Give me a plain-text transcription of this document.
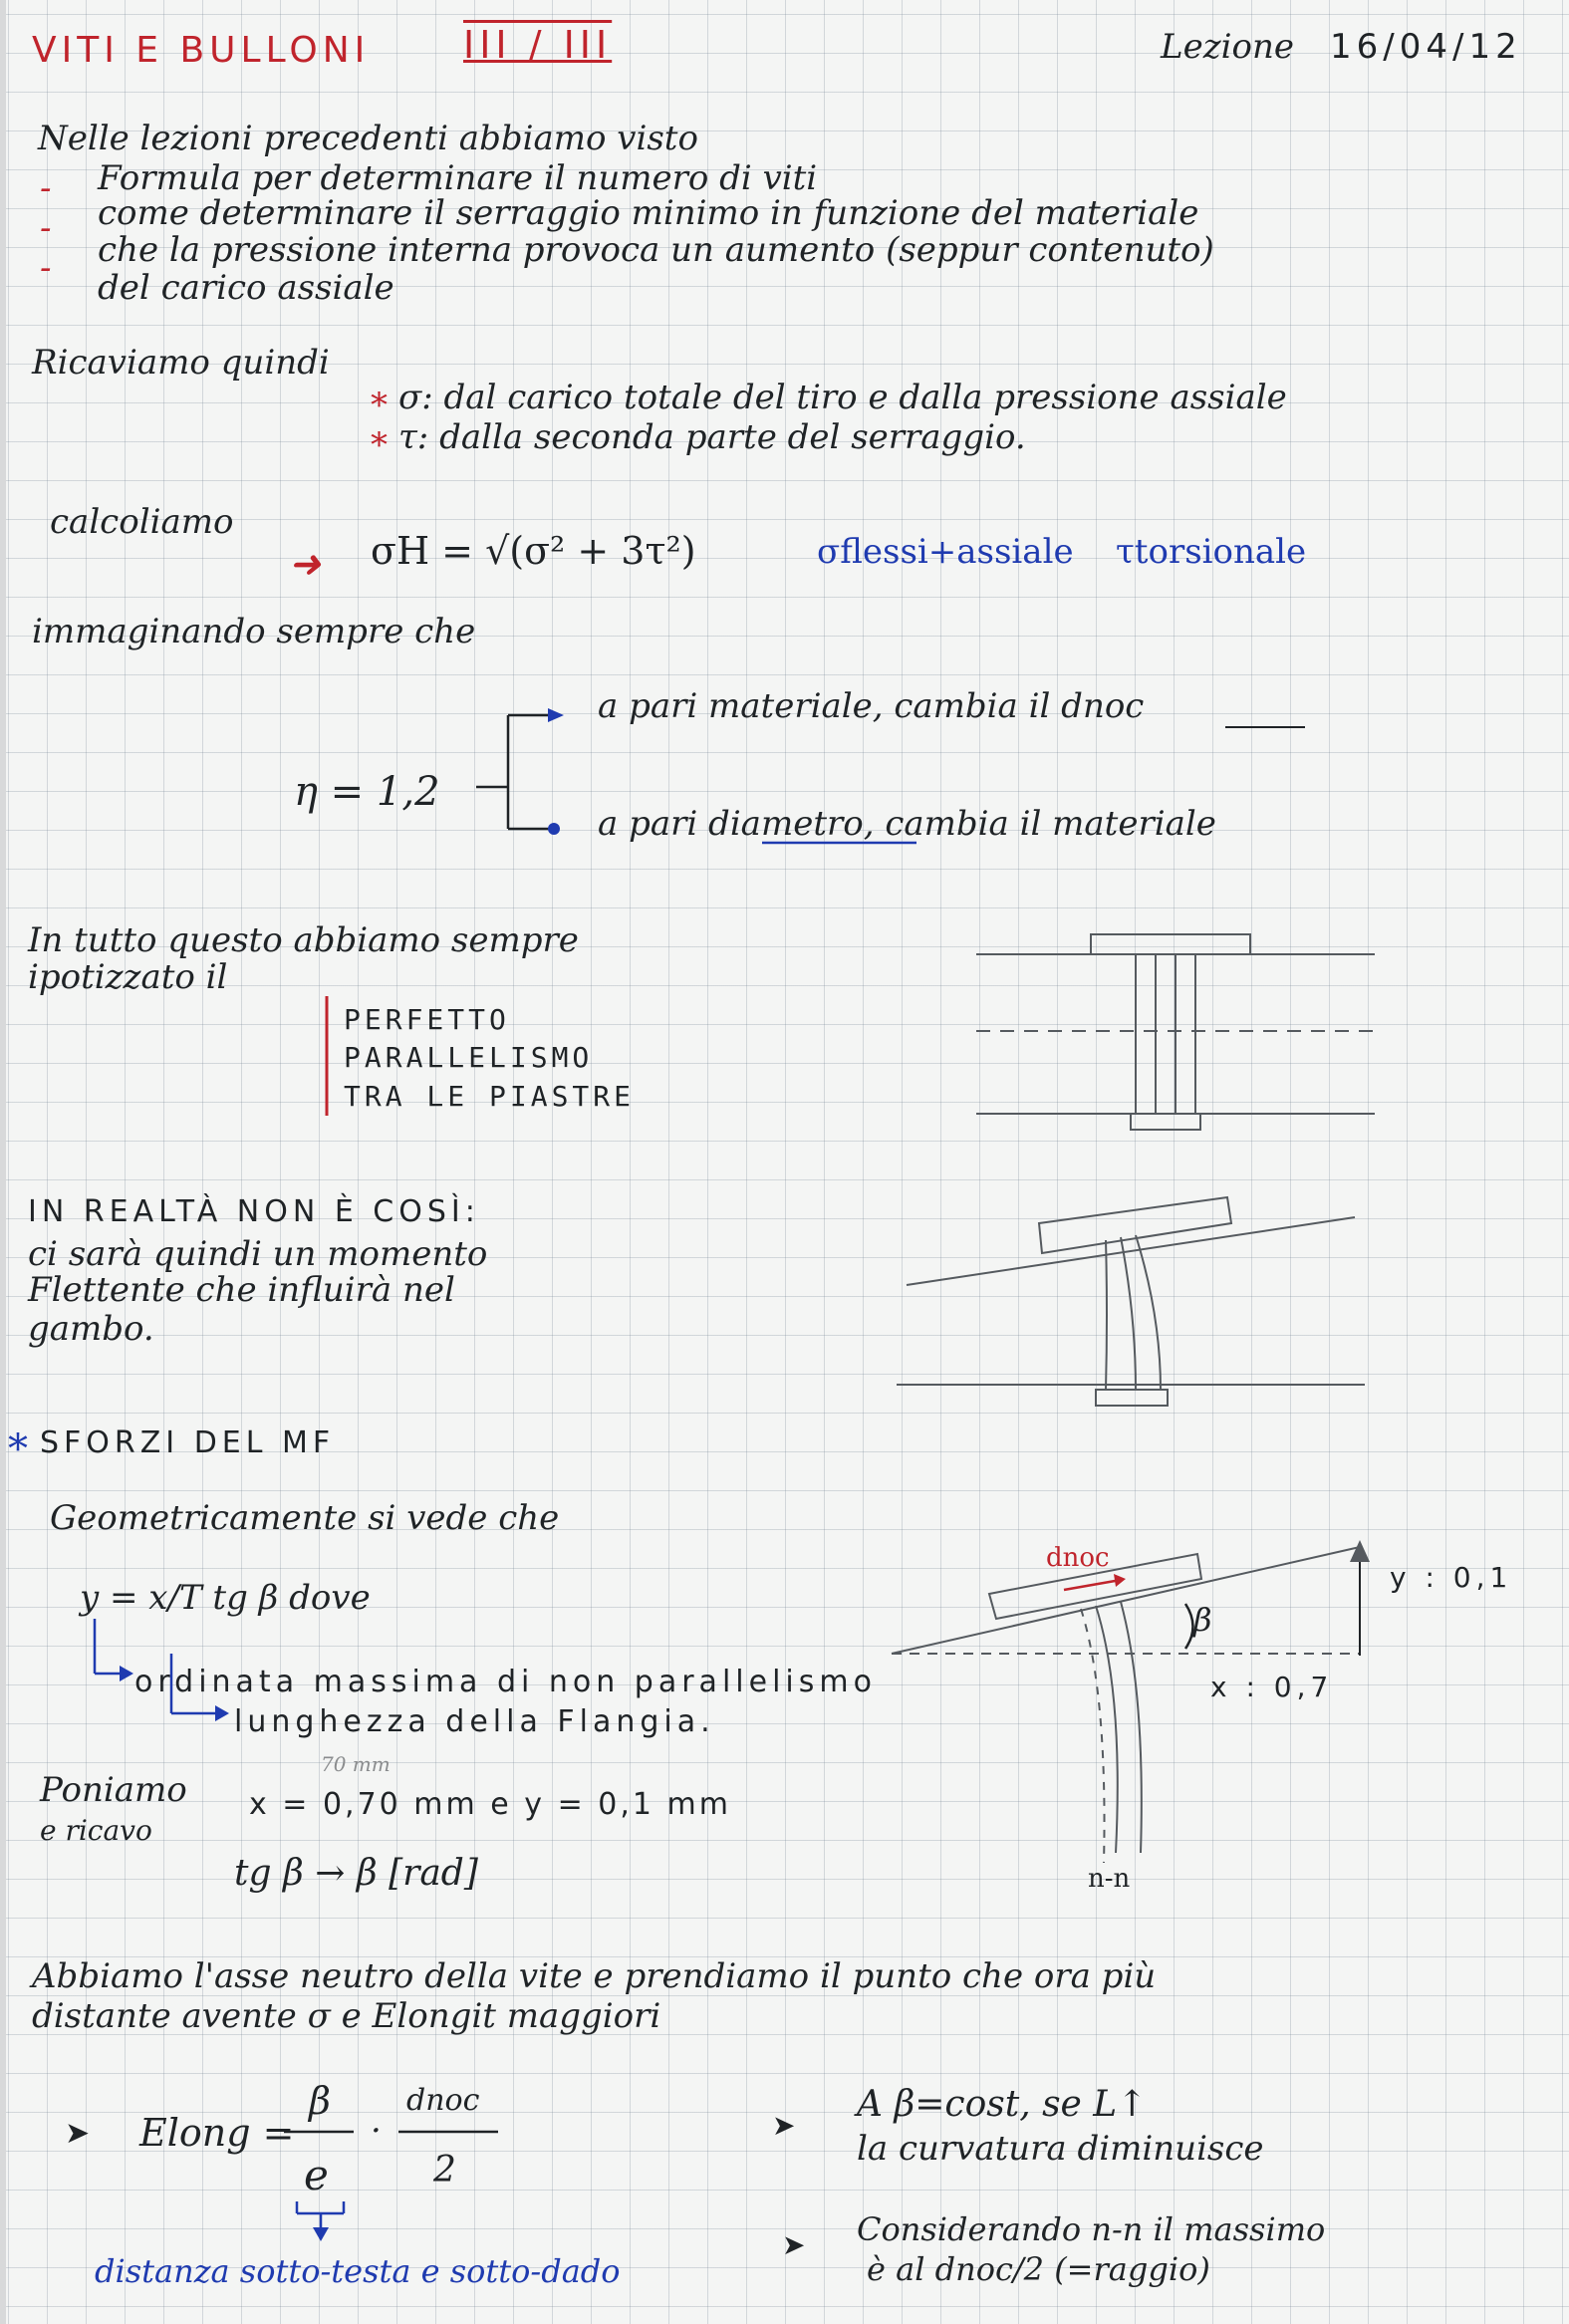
VITI E BULLONI III / III	Lezione 16/04/12
Nelle lezioni precedenti abbiamo visto
-
-
-
Formula per determinare il numero di viti
come determinare il serraggio minimo in funzione del materiale
che la pressione interna provoca un aumento (seppur contenuto)
del carico assiale
Ricaviamo quindi
*
*
σ: dal carico totale del tiro e dalla pressione assiale
τ: dalla seconda parte del serraggio.
calcoliamo
➜ σH = √(σ² + 3τ²)	σflessi+assiale τtorsionale
immaginando sempre che
η = 1,2
a pari materiale, cambia il dnoc
a pari diametro, cambia il materiale
In tutto questo abbiamo sempre
ipotizzato il
PERFETTO
PARALLELISMO
TRA LE PIASTRE
IN REALTÀ NON È COSÌ:
ci sarà quindi un momento
Flettente che influirà nel
gambo.
* SFORZI DEL MF
Geometricamente si vede che
y = x/T tg β dove
ordinata massima di non parallelismo
lunghezza della Flangia.
70 mm
Poniamo
e ricavo
x = 0,70 mm e y = 0,1 mm
tg β → β [rad]
dnoc
β
y : 0,1
x : 0,7
n-n
Abbiamo l'asse neutro della vite e prendiamo il punto che ora più
distante avente σ e Elongit maggiori
➤ Elong =
β
e
·
dnoc
2
➤
A β=cost, se L↑
la curvatura diminuisce
➤ Considerando n-n il massimo
è al dnoc/2 (=raggio)
distanza sotto-testa e sotto-dado
